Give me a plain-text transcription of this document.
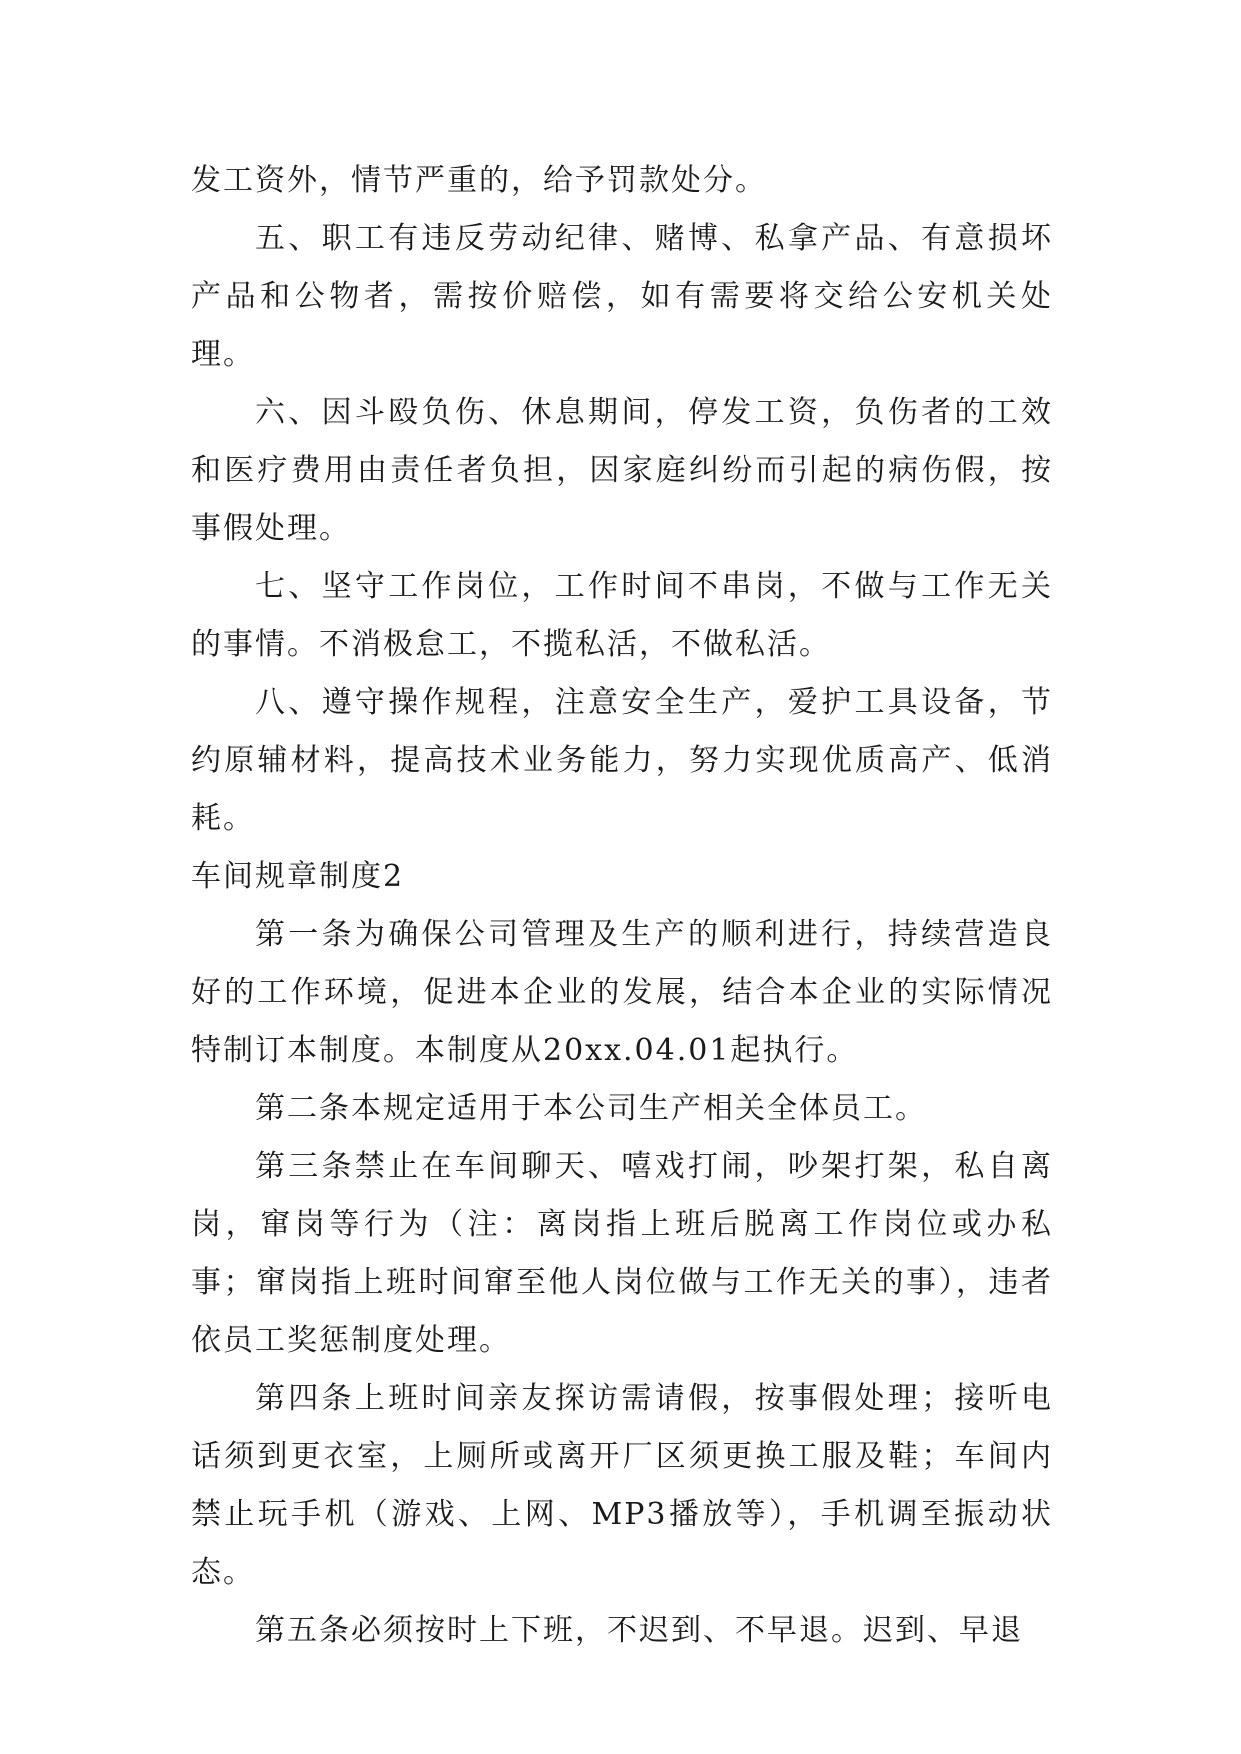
发工资外，情节严重的，给予罚款处分。

五、职工有违反劳动纪律、赌博、私拿产品、有意损坏产品和公物者，需按价赔偿，如有需要将交给公安机关处理。

六、因斗殴负伤、休息期间，停发工资，负伤者的工效和医疗费用由责任者负担，因家庭纠纷而引起的病伤假，按事假处理。

七、坚守工作岗位，工作时间不串岗，不做与工作无关的事情。不消极怠工，不揽私活，不做私活。

八、遵守操作规程，注意安全生产，爱护工具设备，节约原辅材料，提高技术业务能力，努力实现优质高产、低消耗。

车间规章制度2

第一条为确保公司管理及生产的顺利进行，持续营造良好的工作环境，促进本企业的发展，结合本企业的实际情况特制订本制度。本制度从20xx.04.01起执行。

第二条本规定适用于本公司生产相关全体员工。

第三条禁止在车间聊天、嘻戏打闹，吵架打架，私自离岗，窜岗等行为（注：离岗指上班后脱离工作岗位或办私事；窜岗指上班时间窜至他人岗位做与工作无关的事），违者依员工奖惩制度处理。

第四条上班时间亲友探访需请假，按事假处理；接听电话须到更衣室，上厕所或离开厂区须更换工服及鞋；车间内禁止玩手机（游戏、上网、MP3播放等），手机调至振动状态。

第五条必须按时上下班，不迟到、不早退。迟到、早退
